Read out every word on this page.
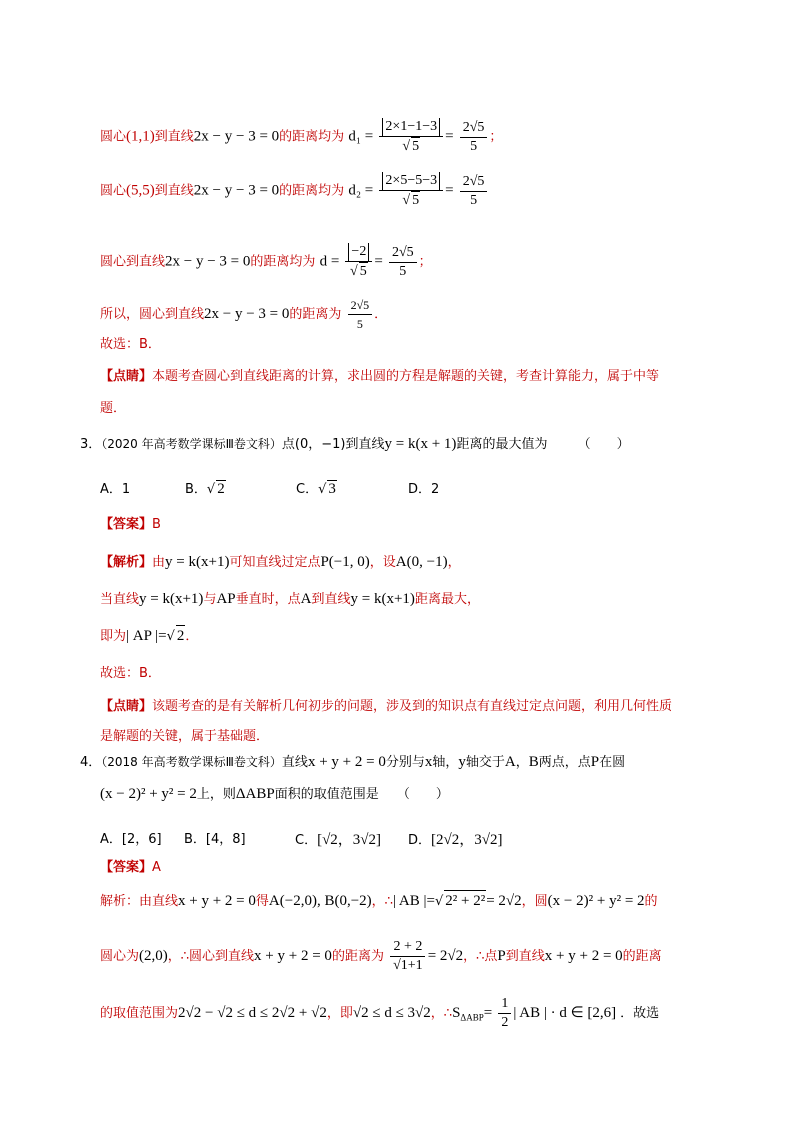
圆心(1,1)到直线2x − y − 3 = 0的距离均为 $d_1 = \frac{2\times 1-1-3}{√ 5} = \frac{2√5}{5}$ ；
圆心(5,5)到直线2x − y − 3 = 0的距离均为 $d_2 = \frac{2\times 5-5-3}{√ 5} = \frac{2√5}{5}$
圆心到直线2x − y − 3 = 0的距离均为 $d = \frac{-2}{√ 5} = \frac{2√5}{5}$ ；
所以，圆心到直线2x − y − 3 = 0的距离为 $\frac{2√5}{5}$ ．
故选：B．
【点睛】本题考查圆心到直线距离的计算，求出圆的方程是解题的关键，考查计算能力，属于中等
题．
3．（2020 年高考数学课标Ⅲ卷文科）点(0，−1)到直线y = k(x + 1)距离的最大值为 （　　）
A．1	B．√ 2	C．√ 3	D．2
【答案】B
【解析】由y = k(x+1)可知直线过定点P(−1, 0)，设A(0, −1)，
当直线y = k(x+1)与AP垂直时，点A到直线y = k(x+1)距离最大，
即为| AP |=√ 2．
故选：B．
【点睛】该题考查的是有关解析几何初步的问题，涉及到的知识点有直线过定点问题，利用几何性质
是解题的关键，属于基础题．
4．（2018 年高考数学课标Ⅲ卷文科）直线x + y + 2 = 0分别与x轴，y轴交于A，B两点，点P在圆
(x − 2)² + y² = 2上，则ΔABP面积的取值范围是 （　　）
A．[2，6] B．[4，8]	C．[√2，3√2] D．[2√2，3√2]
【答案】A
解析：由直线x + y + 2 = 0得A(−2,0), B(0,−2)，∴| AB |=√ 2² + 2²= 2√2，圆(x − 2)² + y² = 2的
圆心为(2,0)，∴圆心到直线x + y + 2 = 0的距离为 $\frac{2 + 2}{√1+1} = 2√2$，∴点P到直线x + y + 2 = 0的距离
的取值范围为2√2 − √2 ≤ d ≤ 2√2 + √2，即√2 ≤ d ≤ 3√2，$\therefore S_{\Delta ABP}= \frac{1}{2}$ | AB | · d ∈ [2,6] ．故选
